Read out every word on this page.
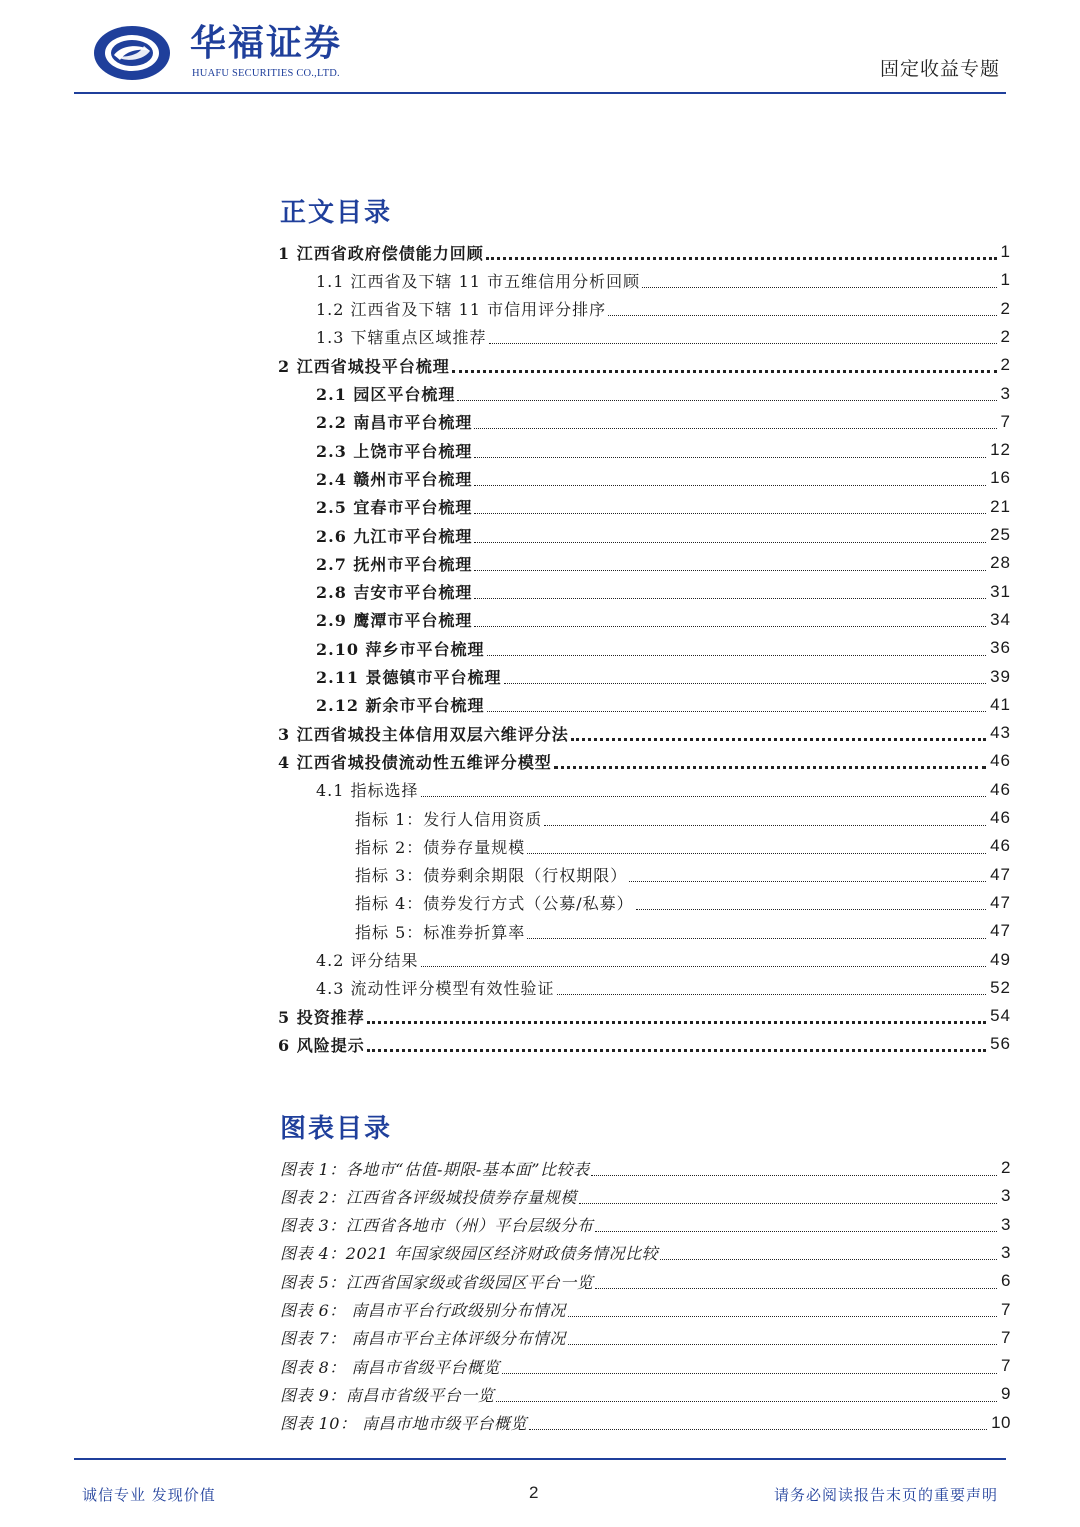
华福证券
HUAFU SECURITIES CO.,LTD.	固定收益专题
正文目录
1 江西省政府偿债能力回顾	1
1.1 江西省及下辖 11 市五维信用分析回顾	1
1.2 江西省及下辖 11 市信用评分排序	2
1.3 下辖重点区域推荐	2
2 江西省城投平台梳理	2
2.1 园区平台梳理	3
2.2 南昌市平台梳理	7
2.3 上饶市平台梳理	12
2.4 赣州市平台梳理	16
2.5 宜春市平台梳理	21
2.6 九江市平台梳理	25
2.7 抚州市平台梳理	28
2.8 吉安市平台梳理	31
2.9 鹰潭市平台梳理	34
2.10 萍乡市平台梳理	36
2.11 景德镇市平台梳理	39
2.12 新余市平台梳理	41
3 江西省城投主体信用双层六维评分法	43
4 江西省城投债流动性五维评分模型	46
4.1 指标选择	46
指标 1：发行人信用资质	46
指标 2：债券存量规模	46
指标 3：债券剩余期限（行权期限）	47
指标 4：债券发行方式（公募/私募）	47
指标 5：标准券折算率	47
4.2 评分结果	49
4.3 流动性评分模型有效性验证	52
5 投资推荐	54
6 风险提示	56
图表目录
图表 1：各地市“估值-期限-基本面”比较表	2
图表 2：江西省各评级城投债券存量规模	3
图表 3：江西省各地市（州）平台层级分布	3
图表 4：2021 年国家级园区经济财政债务情况比较	3
图表 5：江西省国家级或省级园区平台一览	6
图表 6： 南昌市平台行政级别分布情况	7
图表 7： 南昌市平台主体评级分布情况	7
图表 8： 南昌市省级平台概览	7
图表 9：南昌市省级平台一览	9
图表 10： 南昌市地市级平台概览	10
诚信专业 发现价值	2	请务必阅读报告末页的重要声明
